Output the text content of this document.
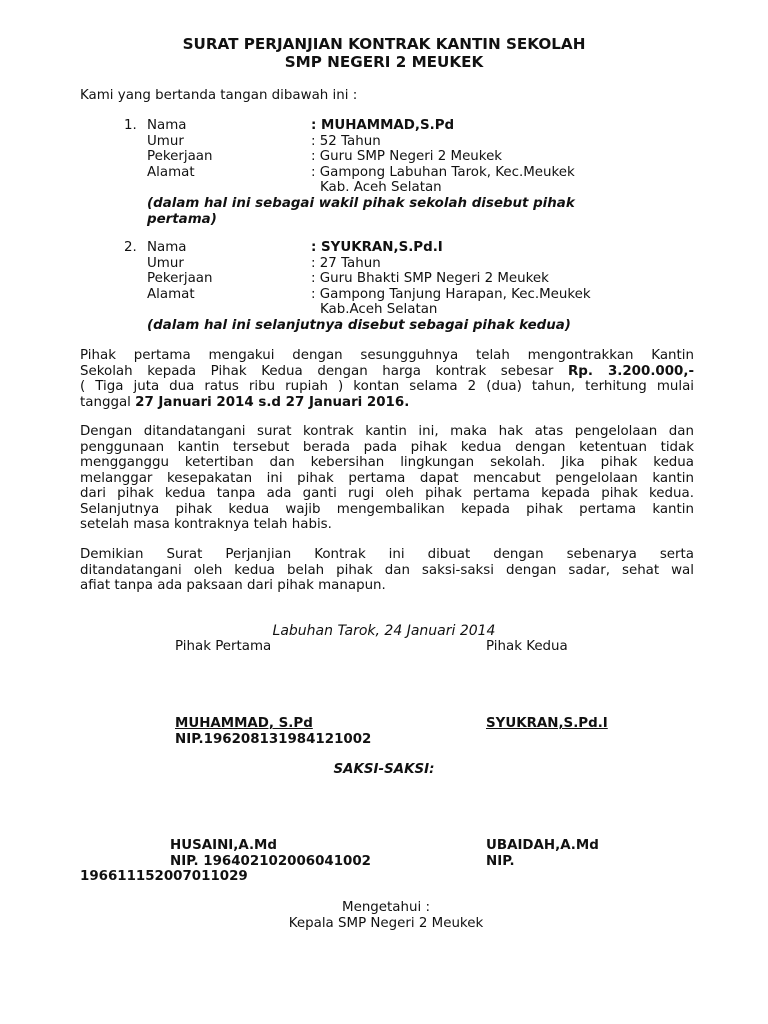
SURAT PERJANJIAN KONTRAK KANTIN SEKOLAH
SMP NEGERI 2 MEUKEK
Kami yang bertanda tangan dibawah ini :
1. Nama
Umur
Pekerjaan
Alamat
: MUHAMMAD,S.Pd
: 52 Tahun
: Guru SMP Negeri 2 Meukek
: Gampong Labuhan Tarok, Kec.Meukek
Kab. Aceh Selatan
(dalam hal ini sebagai wakil pihak sekolah disebut pihak
pertama)
2. Nama
Umur
Pekerjaan
Alamat
: SYUKRAN,S.Pd.I
: 27 Tahun
: Guru Bhakti SMP Negeri 2 Meukek
: Gampong Tanjung Harapan, Kec.Meukek
Kab.Aceh Selatan
(dalam hal ini selanjutnya disebut sebagai pihak kedua)
Pihak pertama mengakui dengan sesungguhnya telah mengontrakkan Kantin
Sekolah kepada Pihak Kedua dengan harga kontrak sebesar Rp. 3.200.000,-
( Tiga juta dua ratus ribu rupiah ) kontan selama 2 (dua) tahun, terhitung mulai
tanggal 27 Januari 2014 s.d 27 Januari 2016.
Dengan ditandatangani surat kontrak kantin ini, maka hak atas pengelolaan dan
penggunaan kantin tersebut berada pada pihak kedua dengan ketentuan tidak
mengganggu ketertiban dan kebersihan lingkungan sekolah. Jika pihak kedua
melanggar kesepakatan ini pihak pertama dapat mencabut pengelolaan kantin
dari pihak kedua tanpa ada ganti rugi oleh pihak pertama kepada pihak kedua.
Selanjutnya pihak kedua wajib mengembalikan kepada pihak pertama kantin
setelah masa kontraknya telah habis.
Demikian Surat Perjanjian Kontrak ini dibuat dengan sebenarya serta
ditandatangani oleh kedua belah pihak dan saksi-saksi dengan sadar, sehat wal
afiat tanpa ada paksaan dari pihak manapun.
Labuhan Tarok, 24 Januari 2014
Pihak Pertama	Pihak Kedua
MUHAMMAD, S.Pd
NIP.196208131984121002
SYUKRAN,S.Pd.I
SAKSI-SAKSI:
HUSAINI,A.Md
NIP. 196402102006041002
196611152007011029
UBAIDAH,A.Md
NIP.
Mengetahui :
Kepala SMP Negeri 2 Meukek
